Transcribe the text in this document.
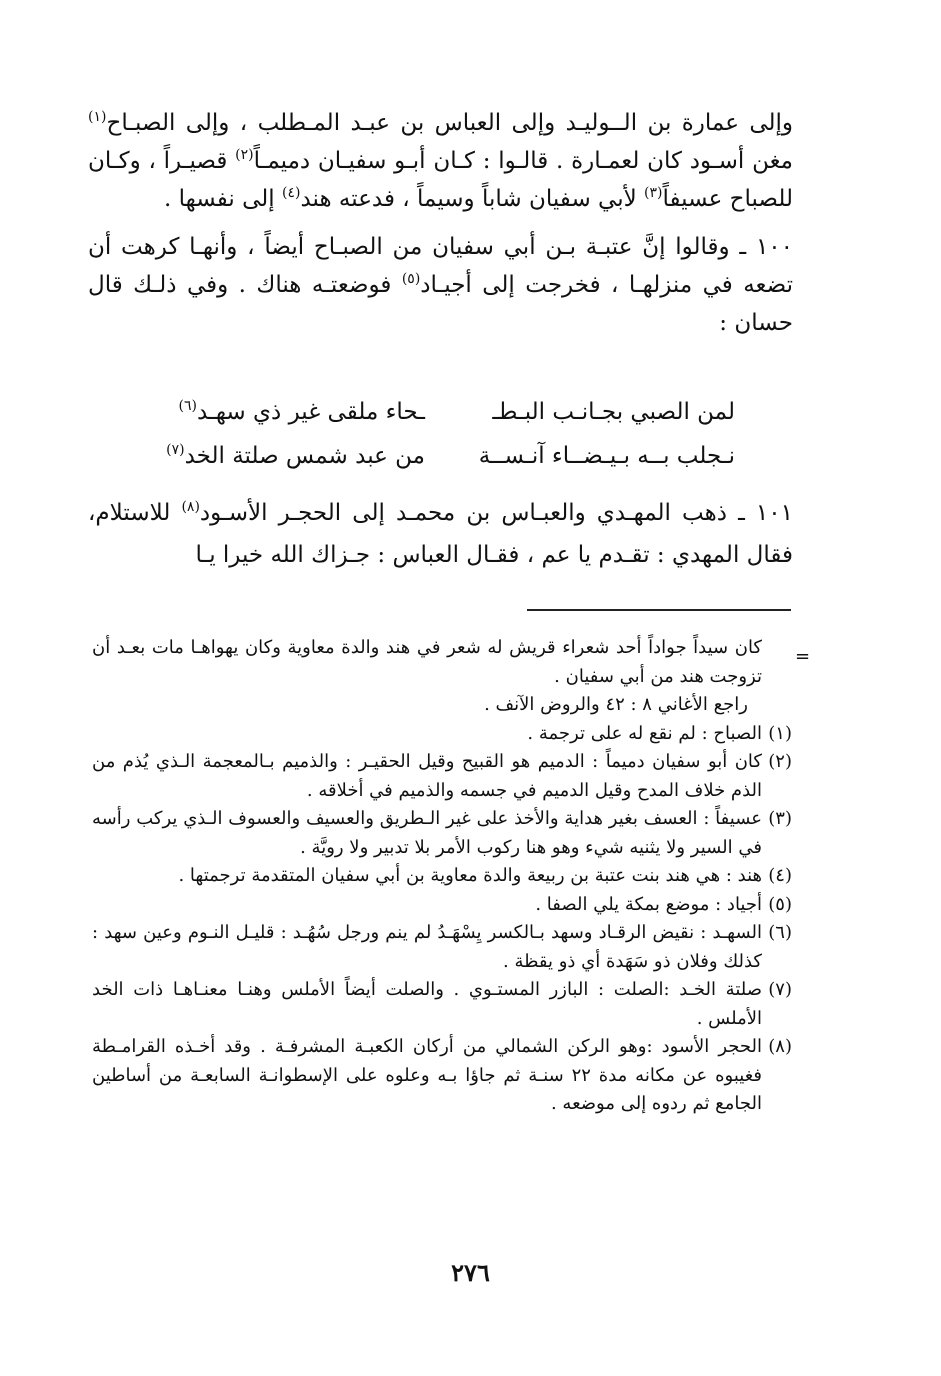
وإلى عمارة بن الــوليـد وإلى العباس بن عبـد المـطلب ، وإلى الصبـاح$^{(١)}$ مغن أسـود كان لعمـارة . قالـوا : كـان أبـو سفيـان دميمـاً$^{(٢)}$ قصيـراً ، وكـان للصباح عسيفاً$^{(٣)}$ لأبي سفيان شاباً وسيماً ، فدعته هند$^{(٤)}$ إلى نفسها .

١٠٠ ـ وقالوا إنَّ عتبـة بـن أبي سفيان من الصبـاح أيضاً ، وأنهـا كرهت أن تضعه في منزلهـا ، فخرجت إلى أجيـاد$^{(٥)}$ فوضعتـه هناك . وفي ذلـك قال حسان :

لمن الصبي بجـانـب البـطـ
ـحاء ملقى غير ذي سهـد$^{(٦)}$
نـجلب بــه بـيـضــاء آنـســة
من عبد شمس صلتة الخد$^{(٧)}$

١٠١ ـ ذهب المهـدي والعبـاس بن محمـد إلى الحجـر الأسـود$^{(٨)}$ للاستلام، فقال المهدي : تقـدم يا عم ، فقـال العباس : جـزاك الله خيرا يـا

=
كان سيداً جواداً أحد شعراء قريش له شعر في هند والدة معاوية وكان يهواهـا مات بعـد أن تزوجت هند من أبي سفيان .
راجع الأغاني ٨ : ٤٢ والروض الآنف .
(١)
الصباح : لم نقع له على ترجمة .
(٢)
كان أبو سفيان دميماً : الدميم هو القبيح وقيل الحقيـر : والذميم بـالمعجمة الـذي يُذم من الذم خلاف المدح وقيل الدميم في جسمه والذميم في أخلاقه .
(٣)
عسيفاً : العسف بغير هداية والأخذ على غير الـطريق والعسيف والعسوف الـذي يركب رأسه في السير ولا يثنيه شيء وهو هنا ركوب الأمر بلا تدبير ولا رويَّة .
(٤)
هند : هي هند بنت عتبة بن ربيعة والدة معاوية بن أبي سفيان المتقدمة ترجمتها .
(٥)
أجياد : موضع بمكة يلي الصفا .
(٦)
السهـد : نقيض الرقـاد وسهد بـالكسر يِسْهَـدُ لم ينم ورجل سُهُـد : قليـل النـوم وعين سهد : كذلك وفلان ذو سَهَدة أي ذو يقظة .
(٧)
صلتة الخـد :الصلت : البازر المستـوي . والصلت أيضاً الأملس وهنـا معنـاهـا ذات الخد الأملس .
(٨)
الحجر الأسود :وهو الركن الشمالي من أركان الكعبـة المشرفـة . وقد أخـذه القرامـطة فغيبوه عن مكانه مدة ٢٢ سنـة ثم جاؤا بـه وعلوه على الإسطوانـة السابعـة من أساطين الجامع ثم ردوه إلى موضعه .
٢٧٦
